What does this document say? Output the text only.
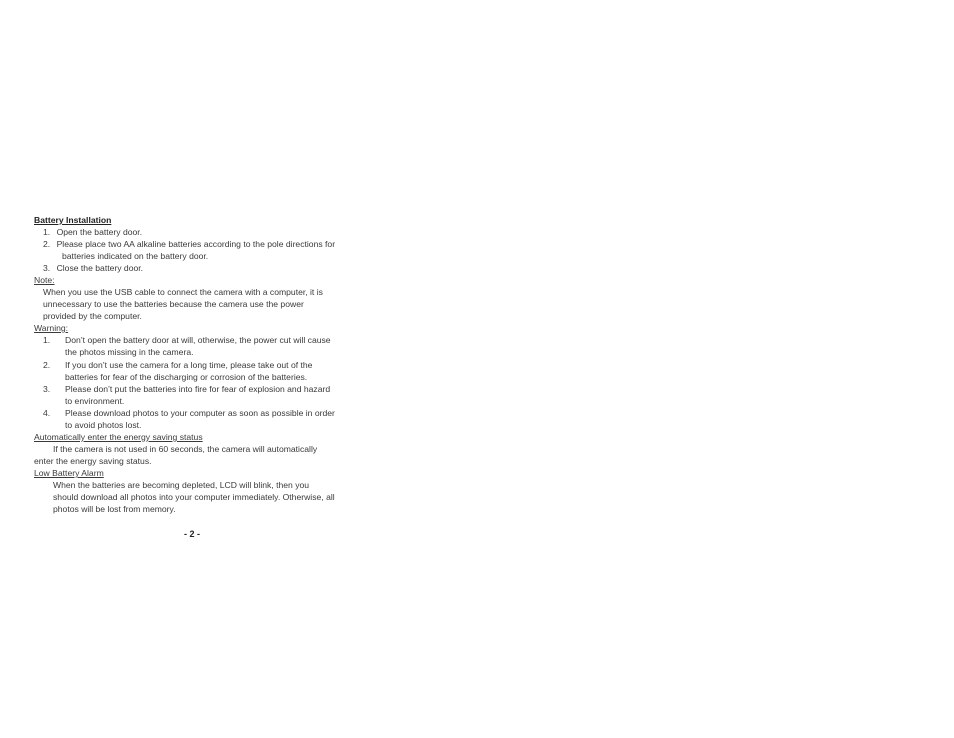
Battery Installation
1. Open the battery door.
2. Please place two AA alkaline batteries according to the pole directions for
batteries indicated on the battery door.
3. Close the battery door.
Note:
When you use the USB cable to connect the camera with a computer, it is
unnecessary to use the batteries because the camera use the power
provided by the computer.
Warning:
1. Don’t open the battery door at will, otherwise, the power cut will cause
the photos missing in the camera.
2. If you don’t use the camera for a long time, please take out of the
batteries for fear of the discharging or corrosion of the batteries.
3. Please don’t put the batteries into fire for fear of explosion and hazard
to environment.
4. Please download photos to your computer as soon as possible in order
to avoid photos lost.
Automatically enter the energy saving status
If the camera is not used in 60 seconds, the camera will automatically
enter the energy saving status.
Low Battery Alarm
When the batteries are becoming depleted, LCD will blink, then you
should download all photos into your computer immediately. Otherwise, all
photos will be lost from memory.
- 2 -
